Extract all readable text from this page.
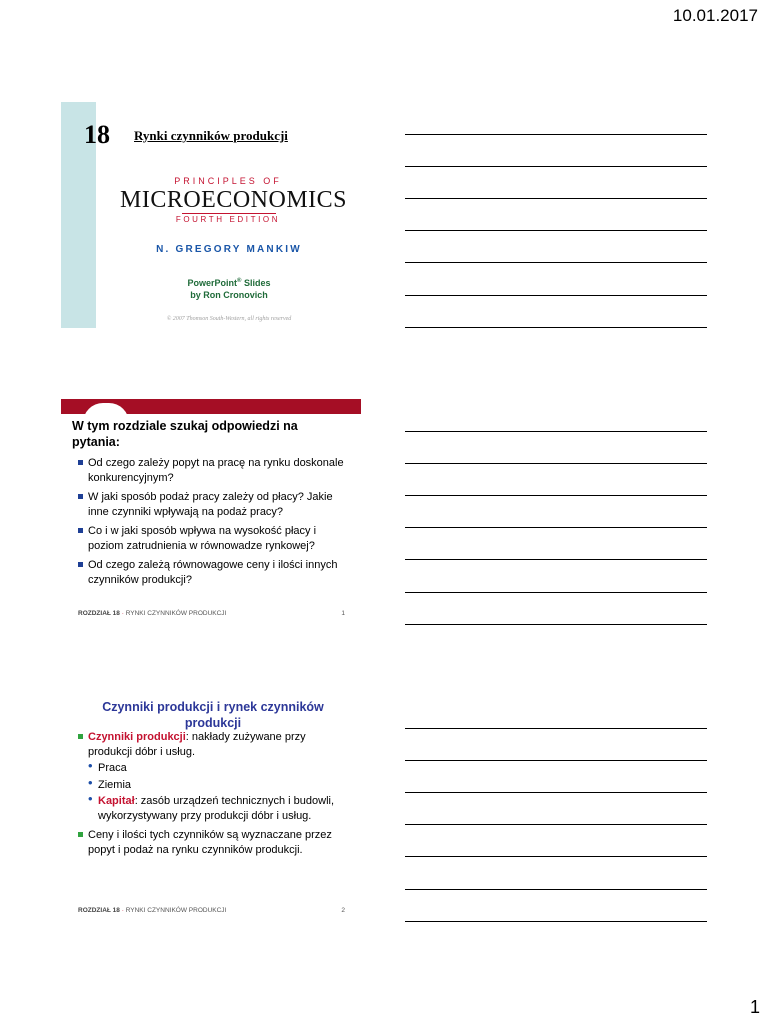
10.01.2017
18 Rynki czynników produkcji
PRINCIPLES OF
MICROECONOMICS
FOURTH EDITION
N. GREGORY MANKIW
PowerPoint® Slides
by Ron Cronovich
© 2007 Thomson South-Western, all rights reserved
W tym rozdziale szukaj odpowiedzi na pytania:
Od czego zależy popyt na pracę na rynku doskonale konkurencyjnym?
W jaki sposób podaż pracy zależy od płacy? Jakie inne czynniki wpływają na podaż pracy?
Co i w jaki sposób wpływa na wysokość płacy i poziom zatrudnienia w równowadze rynkowej?
Od czego zależą równowagowe ceny i ilości innych czynników produkcji?
ROZDZIAŁ 18 · RYNKI CZYNNIKÓW PRODUKCJI	1
Czynniki produkcji i rynek czynników produkcji
Czynniki produkcji: nakłady zużywane przy produkcji dóbr i usług.
• Praca
• Ziemia
• Kapitał: zasób urządzeń technicznych i budowli, wykorzystywany przy produkcji dóbr i usług.
Ceny i ilości tych czynników są wyznaczane przez popyt i podaż na rynku czynników produkcji.
ROZDZIAŁ 18 · RYNKI CZYNNIKÓW PRODUKCJI	2
1
